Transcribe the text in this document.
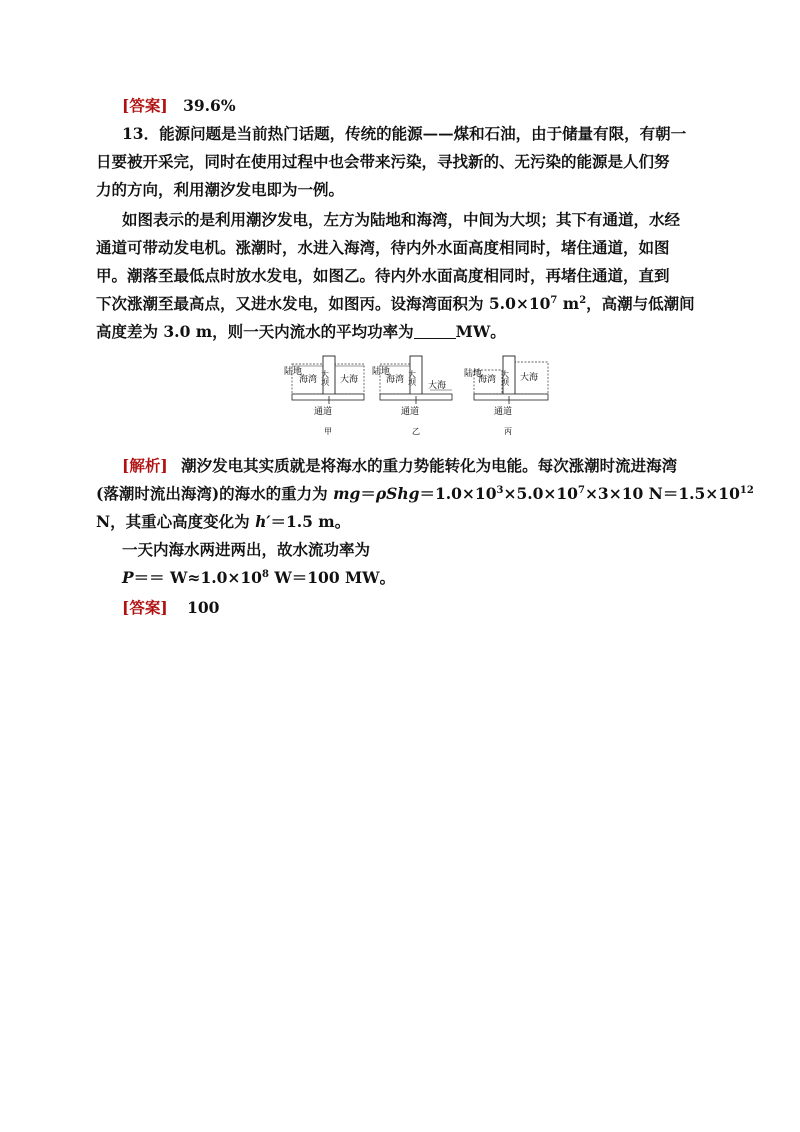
[答案] 39.6%
13．能源问题是当前热门话题，传统的能源——煤和石油，由于储量有限，有朝一
日要被开采完，同时在使用过程中也会带来污染，寻找新的、无污染的能源是人们努
力的方向，利用潮汐发电即为一例。
如图表示的是利用潮汐发电，左方为陆地和海湾，中间为大坝；其下有通道，水经
通道可带动发电机。涨潮时，水进入海湾，待内外水面高度相同时，堵住通道，如图
甲。潮落至最低点时放水发电，如图乙。待内外水面高度相同时，再堵住通道，直到
下次涨潮至最高点，又进水发电，如图丙。设海湾面积为 $5.0\times 10^7$ $m^2$，高潮与低潮间
高度差为 3.0 m，则一天内流水的平均功率为	MW。
陆地
海湾 大坝 大海
通道
甲
陆地
海湾 大坝 大海
通道
乙
陆地
海湾 大坝 大海
通道
丙
[解析] 潮汐发电其实质就是将海水的重力势能转化为电能。每次涨潮时流进海湾
(落潮时流出海湾)的海水的重力为 $mg=\rho Shg=1.0\times 10^3\times 5.0\times 10^7\times 3\times 10$ $N=1.5\times 10^{12}$
N，其重心高度变化为 h′＝1.5 m。
一天内海水两进两出，故水流功率为
$P== W\approx 1.0\times 10^8$ W＝100 MW。
[答案] 100
